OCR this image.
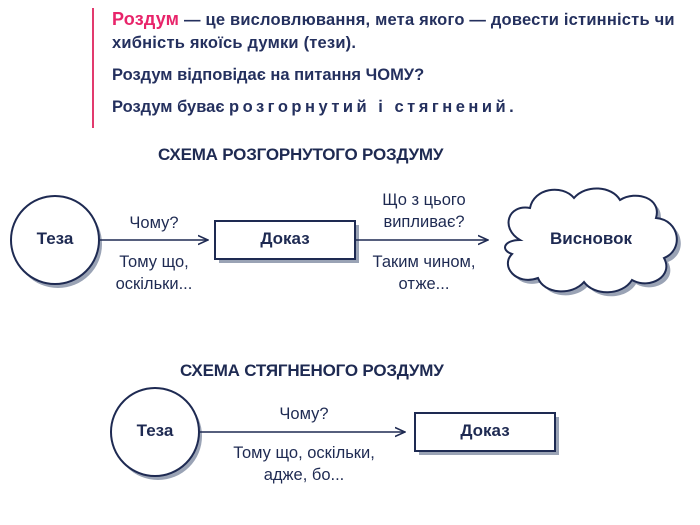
Роздум — це висловлювання, мета якого — довести істинність чи хибність якоїсь думки (тези).

Роздум відповідає на питання ЧОМУ?

Роздум буває розгорнутий і стягнений.

СХЕМА РОЗГОРНУТОГО РОЗДУМУ
Теза
Чому?
Тому що,
оскільки...
Доказ
Що з цього
випливає?
Таким чином,
отже...
Висновок
СХЕМА СТЯГНЕНОГО РОЗДУМУ
Теза
Чому?
Тому що, оскільки,
адже, бо...
Доказ
